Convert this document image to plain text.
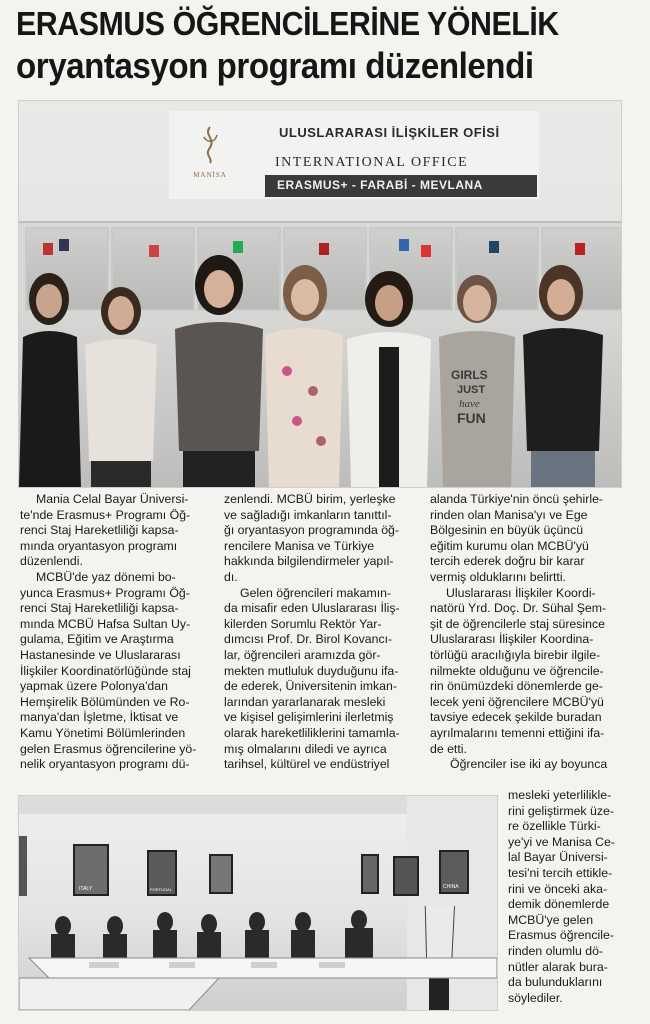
ERASMUS ÖĞRENCİLERİNE YÖNELİK
oryantasyon programı düzenlendi
MANİSA
ULUSLARARASI İLİŞKİLER OFİSİ
INTERNATIONAL OFFICE
ERASMUS+ - FARABİ - MEVLANA
GIRLS
JUST
have
FUN

Mania Celal Bayar Üniversi-
te'nde Erasmus+ Programı Öğ-
renci Staj Hareketliliği kapsa-
mında oryantasyon programı
düzenlendi.

MCBÜ'de yaz dönemi bo-
yunca Erasmus+ Programı Öğ-
renci Staj Hareketliliği kapsa-
mında MCBÜ Hafsa Sultan Uy-
gulama, Eğitim ve Araştırma
Hastanesinde ve Uluslararası
İlişkiler Koordinatörlüğünde staj
yapmak üzere Polonya'dan
Hemşirelik Bölümünden ve Ro-
manya'dan İşletme, İktisat ve
Kamu Yönetimi Bölümlerinden
gelen Erasmus öğrencilerine yö-
nelik oryantasyon programı dü-

zenlendi. MCBÜ birim, yerleşke
ve sağladığı imkanların tanıttıl-
ğı oryantasyon programında öğ-
rencilere Manisa ve Türkiye
hakkında bilgilendirmeler yapıl-
dı.

Gelen öğrencileri makamın-
da misafir eden Uluslararası İliş-
kilerden Sorumlu Rektör Yar-
dımcısı Prof. Dr. Birol Kovancı-
lar, öğrencileri aramızda gör-
mekten mutluluk duyduğunu ifa-
de ederek, Üniversitenin imkan-
larından yararlanarak mesleki
ve kişisel gelişimlerini ilerletmiş
olarak hareketliliklerini tamamla-
mış olmalarını diledi ve ayrıca
tarihsel, kültürel ve endüstriyel

alanda Türkiye'nin öncü şehirle-
rinden olan Manisa'yı ve Ege
Bölgesinin en büyük üçüncü
eğitim kurumu olan MCBÜ'yü
tercih ederek doğru bir karar
vermiş olduklarını belirtti.

Uluslararası İlişkiler Koordi-
natörü Yrd. Doç. Dr. Sühal Şem-
şit de öğrencilerle staj süresince
Uluslararası İlişkiler Koordina-
törlüğü aracılığıyla birebir ilgile-
nilmekte olduğunu ve öğrencile-
rin önümüzdeki dönemlerde ge-
lecek yeni öğrencilere MCBÜ'yü
tavsiye edecek şekilde buradan
ayrılmalarını temenni ettiğini ifa-
de etti.

Öğrenciler ise iki ay boyunca

mesleki yeterlilikle-
rini geliştirmek üze-
re özellikle Türki-
ye'yi ve Manisa Ce-
lal Bayar Üniversi-
tesi'ni tercih ettikle-
rini ve önceki aka-
demik dönemlerde
MCBÜ'ye gelen
Erasmus öğrencile-
rinden olumlu dö-
nütler alarak bura-
da bulunduklarını
söylediler.

ITALY	PORTUGAL	CHINA
